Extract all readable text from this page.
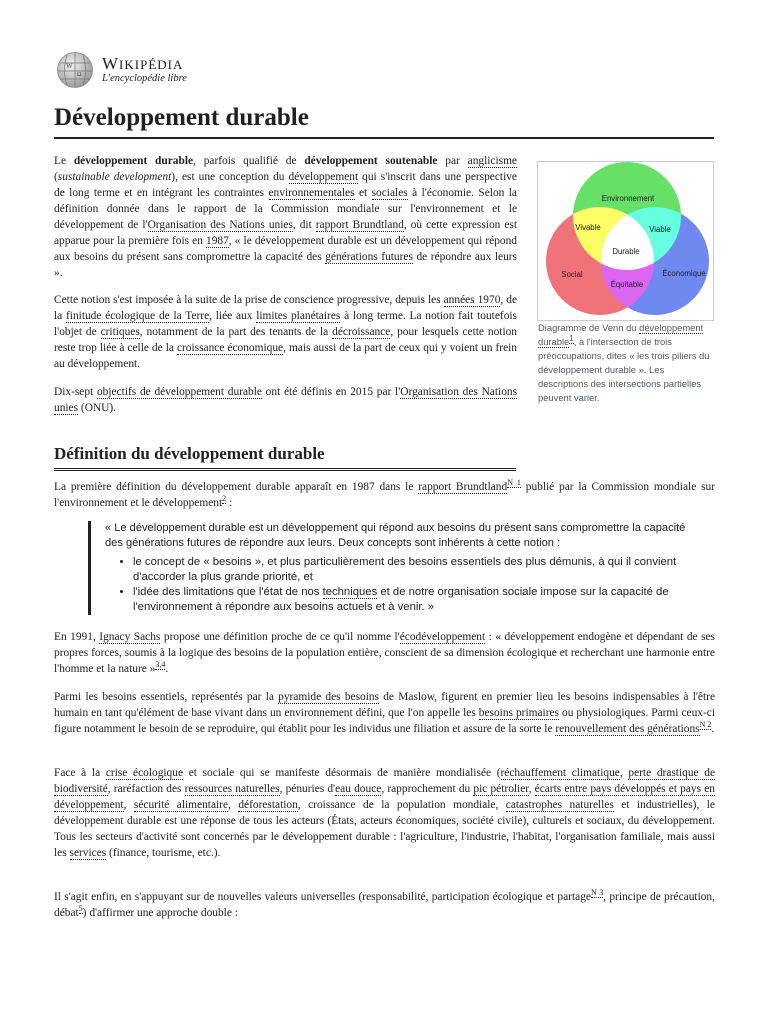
W
Ω
WIKIPÉDIA
L'encyclopédie libre
Développement durable

Le développement durable, parfois qualifié de développement soutenable par anglicisme (sustainable development), est une conception du développement qui s'inscrit dans une perspective de long terme et en intégrant les contraintes environnementales et sociales à l'économie. Selon la définition donnée dans le rapport de la Commission mondiale sur l'environnement et le développement de l'Organisation des Nations unies, dit rapport Brundtland, où cette expression est apparue pour la première fois en 1987, « le développement durable est un développement qui répond aux besoins du présent sans compromettre la capacité des générations futures de répondre aux leurs ».

Cette notion s'est imposée à la suite de la prise de conscience progressive, depuis les années 1970, de la finitude écologique de la Terre, liée aux limites planétaires à long terme. La notion fait toutefois l'objet de critiques, notamment de la part des tenants de la décroissance, pour lesquels cette notion reste trop liée à celle de la croissance économique, mais aussi de la part de ceux qui y voient un frein au développement.

Dix-sept objectifs de développement durable ont été définis en 2015 par l'Organisation des Nations unies (ONU).

Environnement
Vivable	Viable
Durable
Social	Économique
Équitable

Diagramme de Venn du développement durable$^1$, à l'intersection de trois préoccupations, dites « les trois piliers du développement durable ». Les descriptions des intersections partielles peuvent varier.

Définition du développement durable

La première définition du développement durable apparaît en 1987 dans le rapport Brundtland$^{N 1}$ publié par la Commission mondiale sur l'environnement et le développement$^2$ :

« Le développement durable est un développement qui répond aux besoins du présent sans compromettre la capacité des générations futures de répondre aux leurs. Deux concepts sont inhérents à cette notion :
• le concept de « besoins », et plus particulièrement des besoins essentiels des plus démunis, à qui il convient d'accorder la plus grande priorité, et
• l'idée des limitations que l'état de nos techniques et de notre organisation sociale impose sur la capacité de l'environnement à répondre aux besoins actuels et à venir. »

En 1991, Ignacy Sachs propose une définition proche de ce qu'il nomme l'écodéveloppement : « développement endogène et dépendant de ses propres forces, soumis à la logique des besoins de la population entière, conscient de sa dimension écologique et recherchant une harmonie entre l'homme et la nature »$^{3,4}$.

Parmi les besoins essentiels, représentés par la pyramide des besoins de Maslow, figurent en premier lieu les besoins indispensables à l'être humain en tant qu'élément de base vivant dans un environnement défini, que l'on appelle les besoins primaires ou physiologiques. Parmi ceux-ci figure notamment le besoin de se reproduire, qui établit pour les individus une filiation et assure de la sorte le renouvellement des générations$^{N 2}$.

Face à la crise écologique et sociale qui se manifeste désormais de manière mondialisée (réchauffement climatique, perte drastique de biodiversité, raréfaction des ressources naturelles, pénuries d'eau douce, rapprochement du pic pétrolier, écarts entre pays développés et pays en développement, sécurité alimentaire, déforestation, croissance de la population mondiale, catastrophes naturelles et industrielles), le développement durable est une réponse de tous les acteurs (États, acteurs économiques, société civile), culturels et sociaux, du développement. Tous les secteurs d'activité sont concernés par le développement durable : l'agriculture, l'industrie, l'habitat, l'organisation familiale, mais aussi les services (finance, tourisme, etc.).

Il s'agit enfin, en s'appuyant sur de nouvelles valeurs universelles (responsabilité, participation écologique et partage$^{N 3}$, principe de précaution, débat$^5$) d'affirmer une approche double :
